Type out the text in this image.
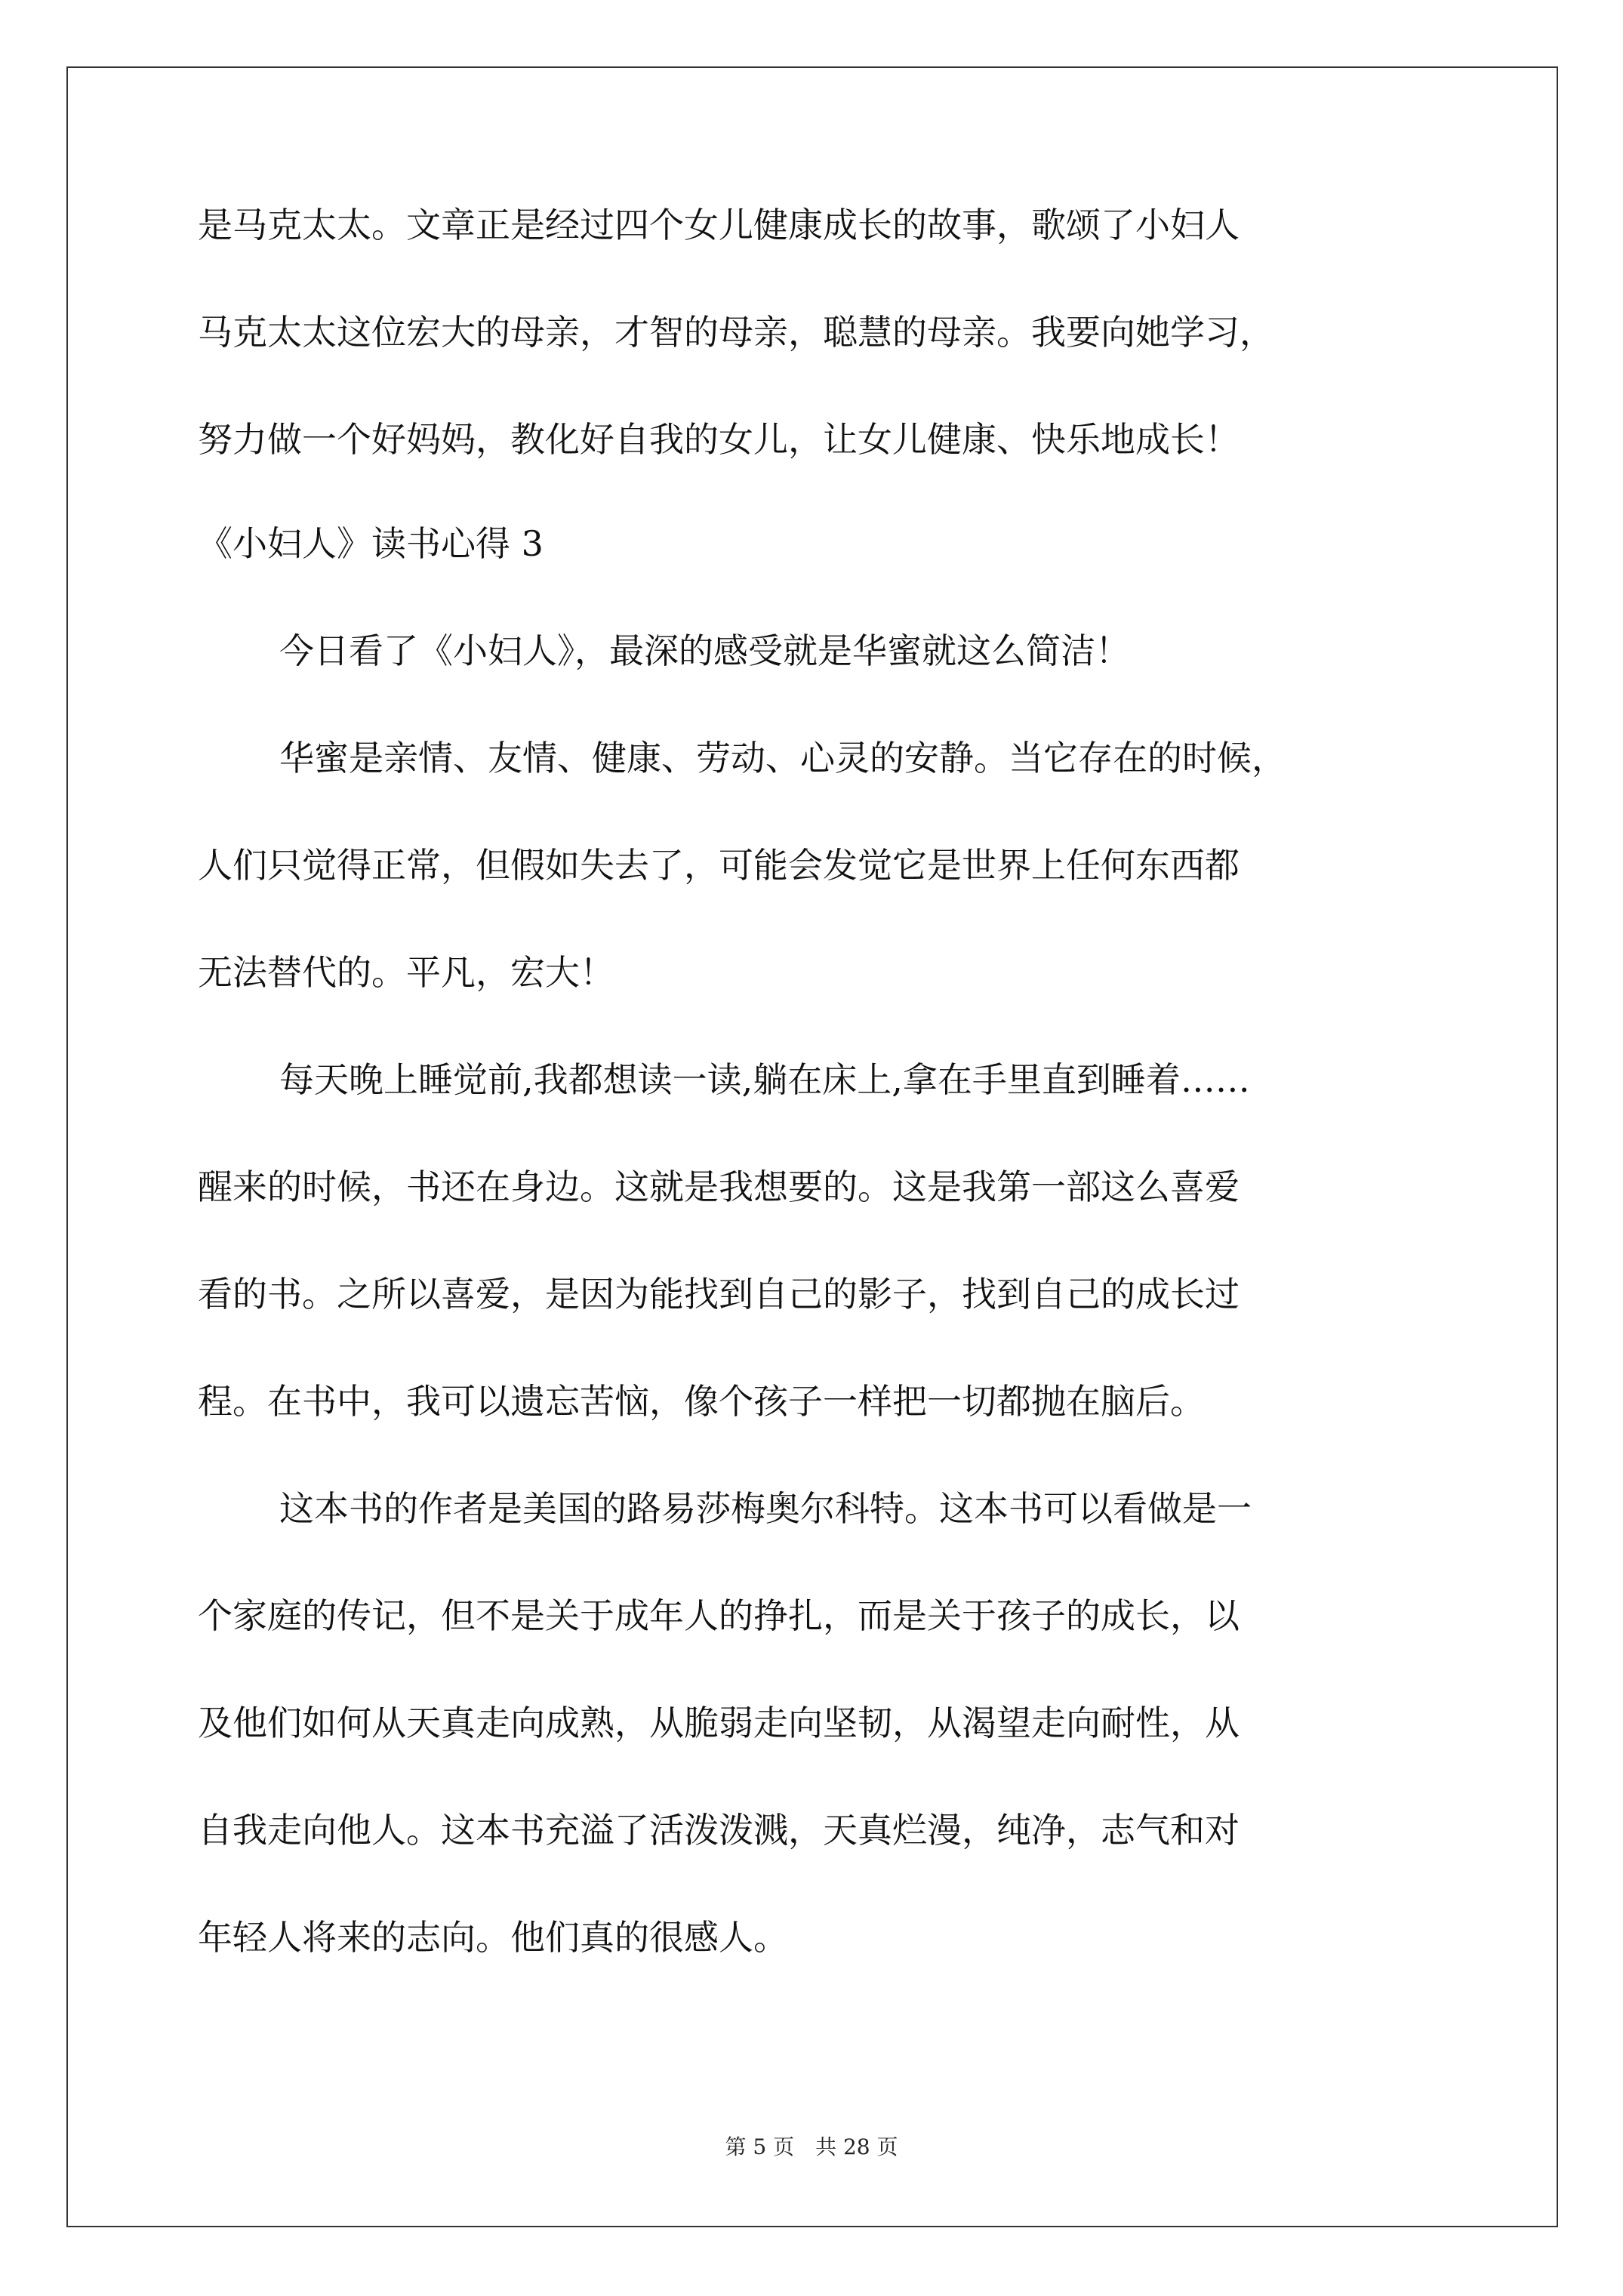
是马克太太。文章正是经过四个女儿健康成长的故事，歌颂了小妇人
马克太太这位宏大的母亲，才智的母亲，聪慧的母亲。我要向她学习，
努力做一个好妈妈，教化好自我的女儿，让女儿健康、快乐地成长！
《小妇人》读书心得 3
今日看了《小妇人》，最深的感受就是华蜜就这么简洁！
华蜜是亲情、友情、健康、劳动、心灵的安静。当它存在的时候，
人们只觉得正常，但假如失去了，可能会发觉它是世界上任何东西都
无法替代的。平凡，宏大！
每天晚上睡觉前,我都想读一读,躺在床上,拿在手里直到睡着……
醒来的时候，书还在身边。这就是我想要的。这是我第一部这么喜爱
看的书。之所以喜爱，是因为能找到自己的影子，找到自己的成长过
程。在书中，我可以遗忘苦恼，像个孩子一样把一切都抛在脑后。
这本书的作者是美国的路易莎梅奥尔科特。这本书可以看做是一
个家庭的传记，但不是关于成年人的挣扎，而是关于孩子的成长，以
及他们如何从天真走向成熟，从脆弱走向坚韧，从渴望走向耐性，从
自我走向他人。这本书充溢了活泼泼溅，天真烂漫，纯净，志气和对
年轻人将来的志向。他们真的很感人。
第 5 页　共 28 页
